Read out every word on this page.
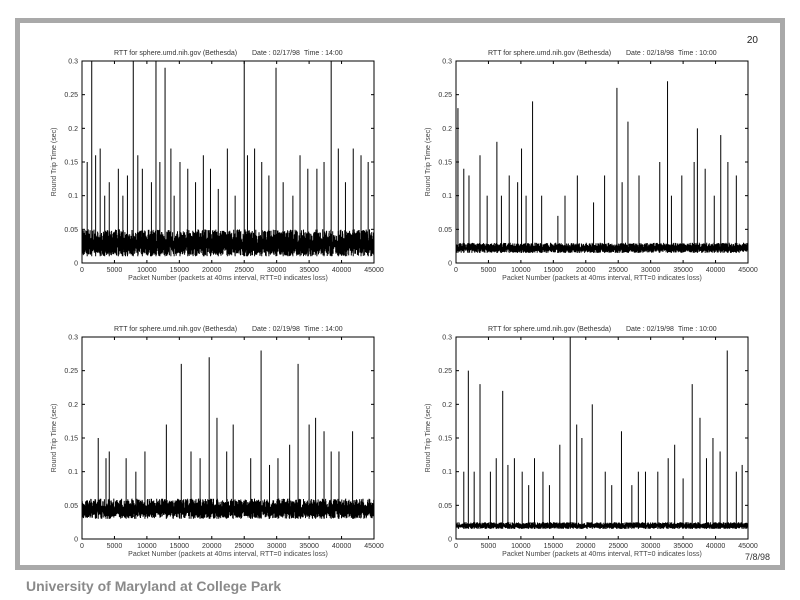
20
RTT for sphere.umd.nih.gov (Bethesda) Date : 02/17/98 Time : 14:00
0
0.05
0.1
0.15
0.2
0.25
0.3
0	5000 10000 15000 20000 25000 30000 35000 40000 45000
Packet Number (packets at 40ms interval, RTT=0 indicates loss)
Round Trip Time (sec)
RTT for sphere.umd.nih.gov (Bethesda) Date : 02/18/98 Time : 10:00
0
0.05
0.1
0.15
0.2
0.25
0.3
0	5000 10000 15000 20000 25000 30000 35000 40000 45000
Packet Number (packets at 40ms interval, RTT=0 indicates loss)
Round Trip Time (sec)
RTT for sphere.umd.nih.gov (Bethesda) Date : 02/19/98 Time : 14:00
0
0.05
0.1
0.15
0.2
0.25
0.3
0	5000 10000 15000 20000 25000 30000 35000 40000 45000
Packet Number (packets at 40ms interval, RTT=0 indicates loss)
Round Trip Time (sec)
RTT for sphere.umd.nih.gov (Bethesda) Date : 02/19/98 Time : 10:00
0
0.05
0.1
0.15
0.2
0.25
0.3
0	5000 10000 15000 20000 25000 30000 35000 40000 45000
Packet Number (packets at 40ms interval, RTT=0 indicates loss)
Round Trip Time (sec)
7/8/98
University of Maryland at College Park
